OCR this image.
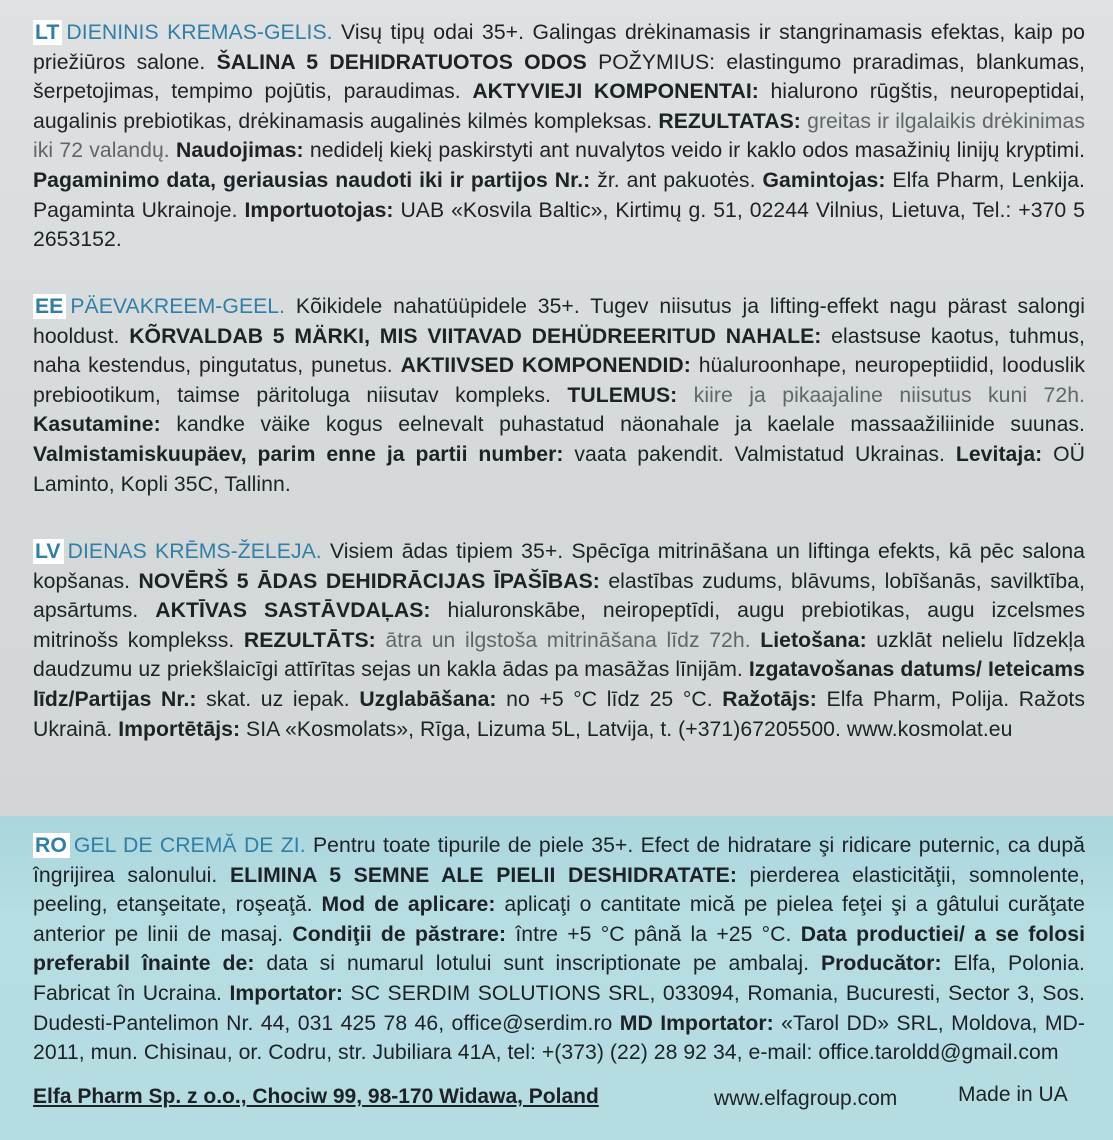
LT DIENINIS KREMAS-GELIS. Visų tipų odai 35+. Galingas drėkinamasis ir stangrinamasis efektas, kaip po priežiūros salone. ŠALINA 5 DEHIDRATUOTOS ODOS POŽYMIUS: elastingumo praradimas, blankumas, šerpetojimas, tempimo pojūtis, paraudimas. AKTYVIEJI KOMPONENTAI: hialurono rūgštis, neuropeptidai, augalinis prebiotikas, drėkinamasis augalinės kilmės kompleksas. REZULTATAS: greitas ir ilgalaikis drėkinimas iki 72 valandų. Naudojimas: nedidelį kiekį paskirstyti ant nuvalytos veido ir kaklo odos masažinių linijų kryptimi. Pagaminimo data, geriausias naudoti iki ir partijos Nr.: žr. ant pakuotės. Gamintojas: Elfa Pharm, Lenkija. Pagaminta Ukrainoje. Importuotojas: UAB «Kosvila Baltic», Kirtimų g. 51, 02244 Vilnius, Lietuva, Tel.: +370 5 2653152.
EE PÄEVAKREEM-GEEL. Kõikidele nahatüüpidele 35+. Tugev niisutus ja lifting-effekt nagu pärast salongi hooldust. KÕRVALDAB 5 MÄRKI, MIS VIITAVAD DEHÜDREERITUD NAHALE: elastsuse kaotus, tuhmus, naha kestendus, pingutatus, punetus. AKTIIVSED KOMPONENDID: hüaluroonhape, neuropeptiidid, looduslik prebiootikum, taimse päritoluga niisutav kompleks. TULEMUS: kiire ja pikaajaline niisutus kuni 72h. Kasutamine: kandke väike kogus eelnevalt puhastatud näonahale ja kaelale massaažiliinide suunas. Valmistamiskuupäev, parim enne ja partii number: vaata pakendit. Valmistatud Ukrainas. Levitaja: OÜ Laminto, Kopli 35C, Tallinn.
LV DIENAS KRĒMS-ŽELEJA. Visiem ādas tipiem 35+. Spēcīga mitrināšana un liftinga efekts, kā pēc salona kopšanas. NOVĒRŠ 5 ĀDAS DEHIDRĀCIJAS ĪPAŠĪBAS: elastības zudums, blāvums, lobīšanās, savilktība, apsārtums. AKTĪVAS SASTĀVDAĻAS: hialuronskābe, neiropeptīdi, augu prebiotikas, augu izcelsmes mitrinošs komplekss. REZULTĀTS: ātra un ilgstoša mitrināšana līdz 72h. Lietošana: uzklāt nelielu līdzekļa daudzumu uz priekšlaicīgi attīrītas sejas un kakla ādas pa masāžas līnijām. Izgatavošanas datums/ Ieteicams līdz/Partijas Nr.: skat. uz iepak. Uzglabāšana: no +5 °C līdz 25 °C. Ražotājs: Elfa Pharm, Polija. Ražots Ukrainā. Importētājs: SIA «Kosmolats», Rīga, Lizuma 5L, Latvija, t. (+371)67205500. www.kosmolat.eu
RO GEL DE CREMĂ DE ZI. Pentru toate tipurile de piele 35+. Efect de hidratare şi ridicare puternic, ca după îngrijirea salonului. ELIMINA 5 SEMNE ALE PIELII DESHIDRATATE: pierderea elasticităţii, somnolente, peeling, etanşeitate, roşeaţă. Mod de aplicare: aplicaţi o cantitate mică pe pielea feţei şi a gâtului curăţate anterior pe linii de masaj. Condiţii de păstrare: între +5 °C până la +25 °C. Data productiei/ a se folosi preferabil înainte de: data si numarul lotului sunt inscriptionate pe ambalaj. Producător: Elfa, Polonia. Fabricat în Ucraina. Importator: SC SERDIM SOLUTIONS SRL, 033094, Romania, Bucuresti, Sector 3, Sos. Dudesti-Pantelimon Nr. 44, 031 425 78 46, office@serdim.ro MD Importator: «Tarol DD» SRL, Moldova, MD-2011, mun. Chisinau, or. Codru, str. Jubiliara 41A, tel: +(373) (22) 28 92 34, e-mail: office.taroldd@gmail.com
Elfa Pharm Sp. z o.o., Chociw 99, 98-170 Widawa, Poland	www.elfagroup.com	Made in UA
